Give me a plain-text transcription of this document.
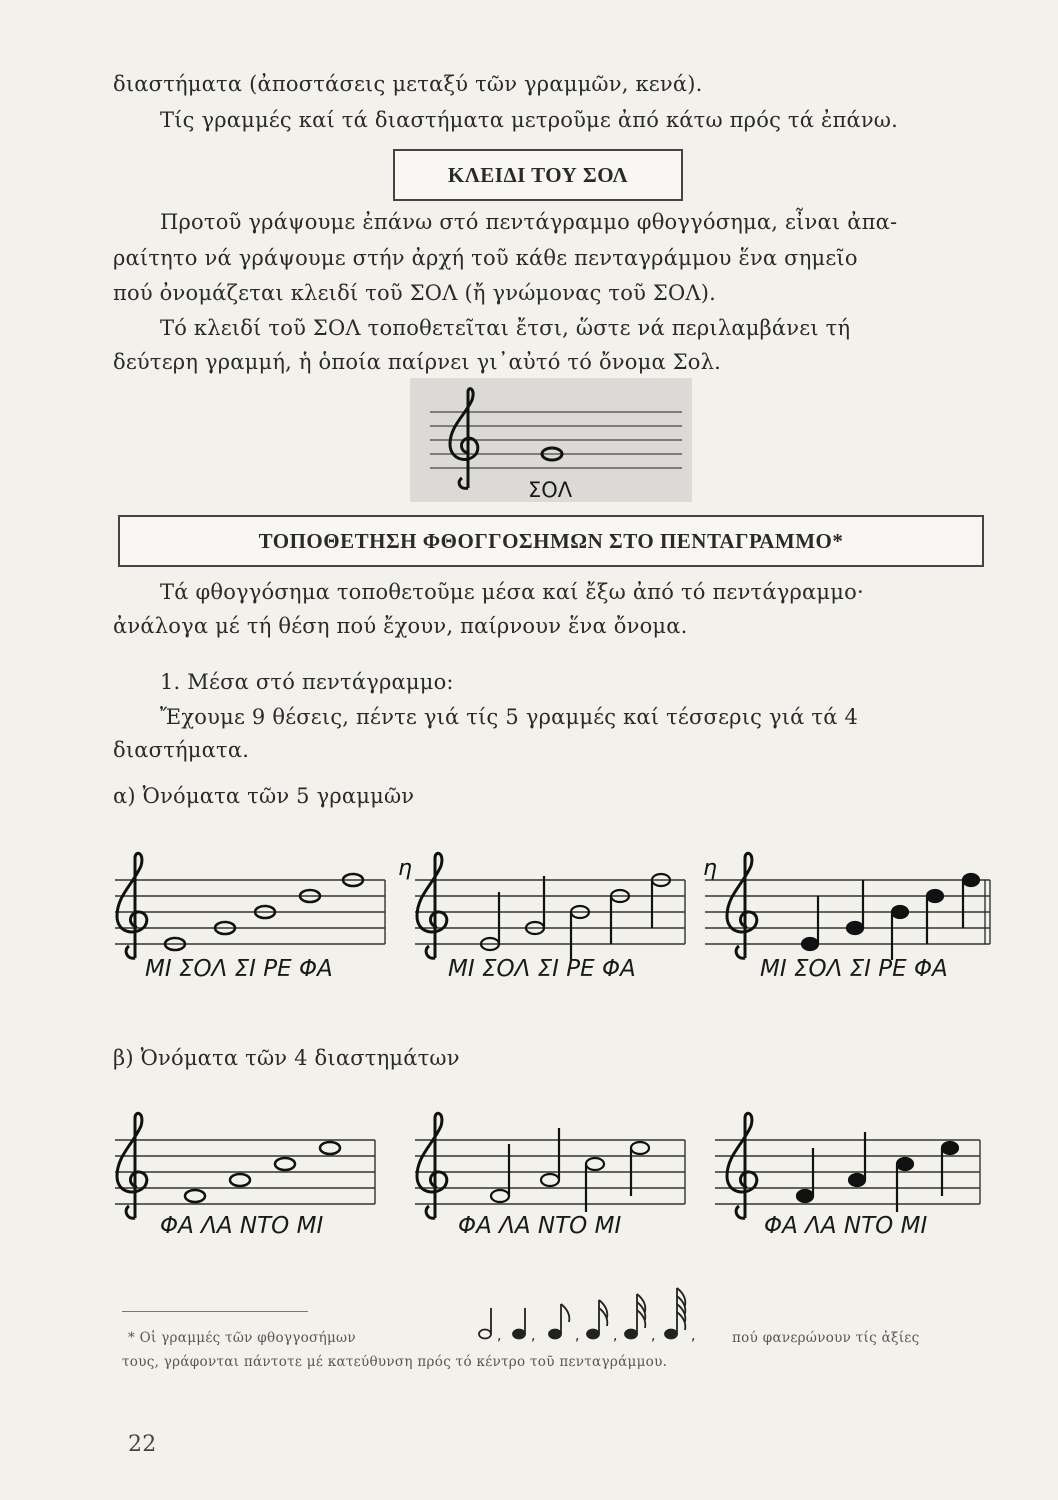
διαστήματα (ἀποστάσεις μεταξύ τῶν γραμμῶν, κενά).

Τίς γραμμές καί τά διαστήματα μετροῦμε ἀπό κάτω πρός τά ἐπάνω.

ΚΛΕΙΔΙ ΤΟΥ ΣΟΛ

Προτοῦ γράψουμε ἐπάνω στό πεντάγραμμο φθογγόσημα, εἶναι ἀπα-

ραίτητο νά γράψουμε στήν ἀρχή τοῦ κάθε πενταγράμμου ἕνα σημεῖο

πού ὀνομάζεται κλειδί τοῦ ΣΟΛ (ἤ γνώμονας τοῦ ΣΟΛ).

Τό κλειδί τοῦ ΣΟΛ τοποθετεῖται ἔτσι, ὥστε νά περιλαμβάνει τή

δεύτερη γραμμή, ἡ ὁποία παίρνει γι᾽αὐτό τό ὄνομα Σολ.

ΣΟΛ
ΤΟΠΟΘΕΤΗΣΗ ΦΘΟΓΓΟΣΗΜΩΝ ΣΤΟ ΠΕΝΤΑΓΡΑΜΜΟ*

Τά φθογγόσημα τοποθετοῦμε μέσα καί ἔξω ἀπό τό πεντάγραμμο·

ἀνάλογα μέ τή θέση πού ἔχουν, παίρνουν ἕνα ὄνομα.

1. Μέσα στό πεντάγραμμο:

Ἔχουμε 9 θέσεις, πέντε γιά τίς 5 γραμμές καί τέσσερις γιά τά 4

διαστήματα.

α) Ὀνόματα τῶν 5 γραμμῶν

η	η
ΜΙ ΣΟΛ ΣΙ ΡΕ ΦΑ	ΜΙ ΣΟΛ ΣΙ ΡΕ ΦΑ	ΜΙ ΣΟΛ ΣΙ ΡΕ ΦΑ

β) Ὀνόματα τῶν 4 διαστημάτων

ΦΑ ΛΑ ΝΤΟ ΜΙ	ΦΑ ΛΑ ΝΤΟ ΜΙ	ΦΑ ΛΑ ΝΤΟ ΜΙ
* Οἱ γραμμές τῶν φθογγοσήμων	, ,	, , ,	,	πού φανερώνουν τίς ἀξίες
τους, γράφονται πάντοτε μέ κατεύθυνση πρός τό κέντρο τοῦ πενταγράμμου.
22
